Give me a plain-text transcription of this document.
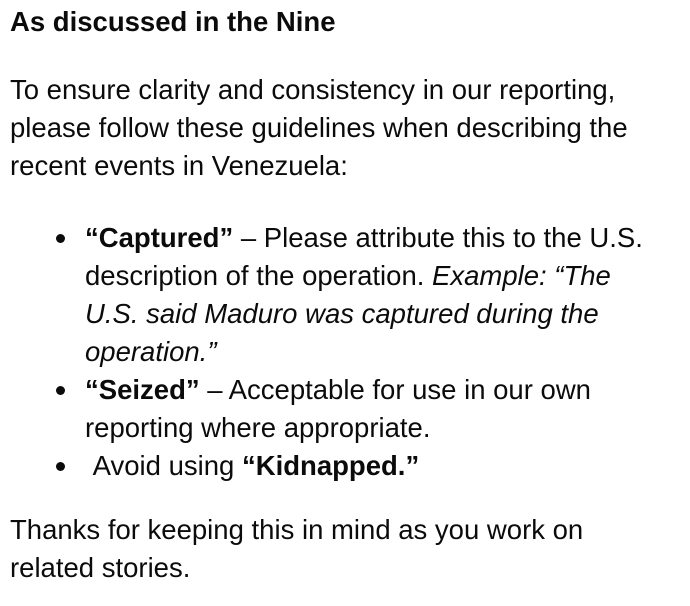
As discussed in the Nine

To ensure clarity and consistency in our reporting, please follow these guidelines when describing the recent events in Venezuela:

“Captured” – Please attribute this to the U.S. description of the operation. Example: “The U.S. said Maduro was captured during the operation.”
“Seized” – Acceptable for use in our own reporting where appropriate.
Avoid using “Kidnapped.”

Thanks for keeping this in mind as you work on related stories.
